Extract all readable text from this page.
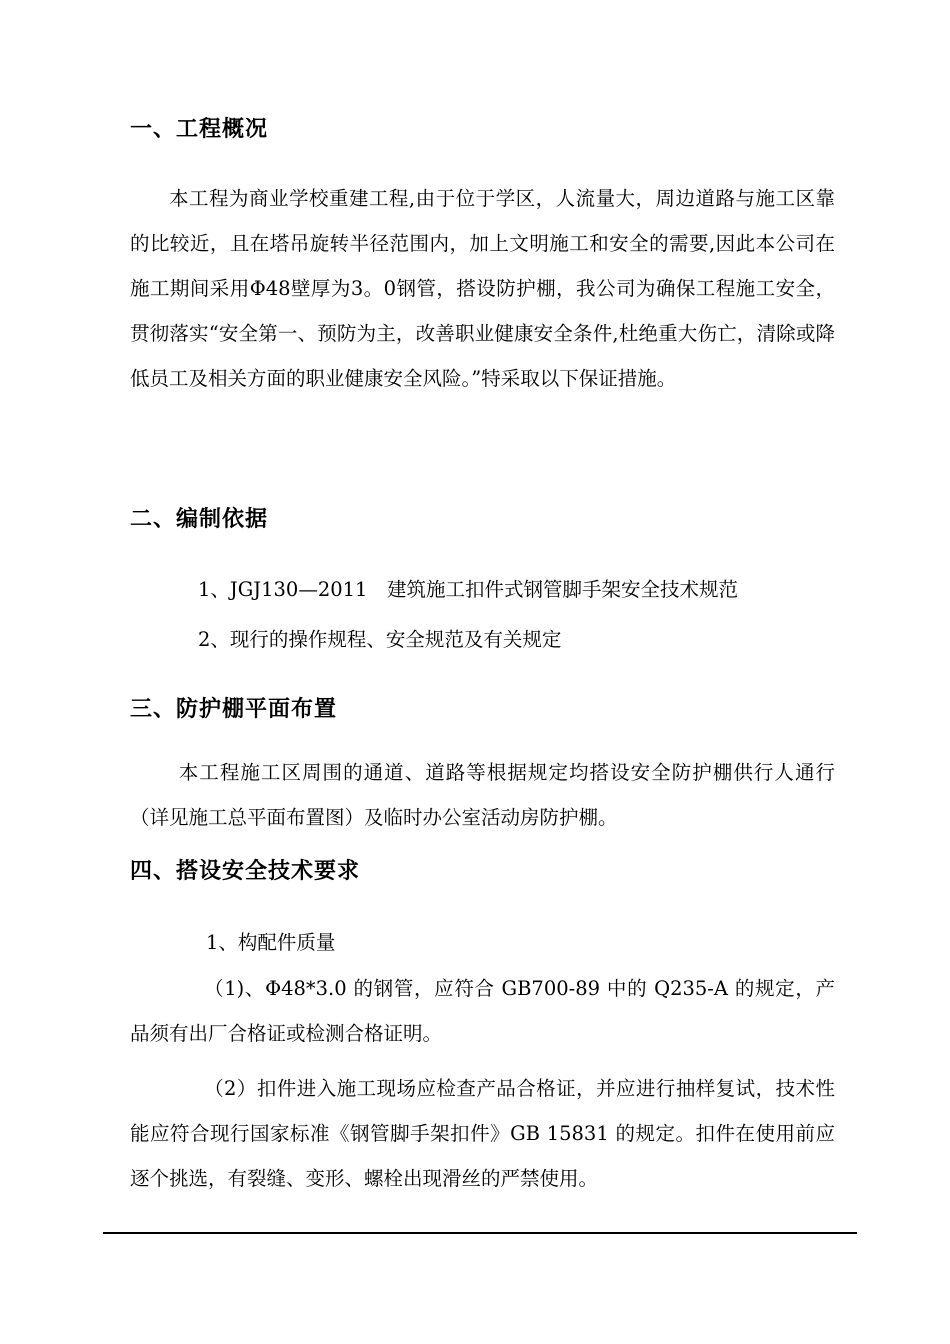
一、工程概况

本工程为商业学校重建工程,由于位于学区，人流量大，周边道路与施工区靠的比较近，且在塔吊旋转半径范围内，加上文明施工和安全的需要,因此本公司在施工期间采用Φ48壁厚为3。0钢管，搭设防护棚，我公司为确保工程施工安全，贯彻落实“安全第一、预防为主，改善职业健康安全条件,杜绝重大伤亡，清除或降低员工及相关方面的职业健康安全风险。”特采取以下保证措施。

二、编制依据
1、JGJ130—2011　建筑施工扣件式钢管脚手架安全技术规范
2、现行的操作规程、安全规范及有关规定
三、防护棚平面布置

本工程施工区周围的通道、道路等根据规定均搭设安全防护棚供行人通行（详见施工总平面布置图）及临时办公室活动房防护棚。

四、搭设安全技术要求
1、构配件质量

（1)、Φ48*3.0 的钢管，应符合 GB700-89 中的 Q235-A 的规定，产品须有出厂合格证或检测合格证明。

（2）扣件进入施工现场应检查产品合格证，并应进行抽样复试，技术性能应符合现行国家标准《钢管脚手架扣件》GB 15831 的规定。扣件在使用前应逐个挑选，有裂缝、变形、螺栓出现滑丝的严禁使用。
